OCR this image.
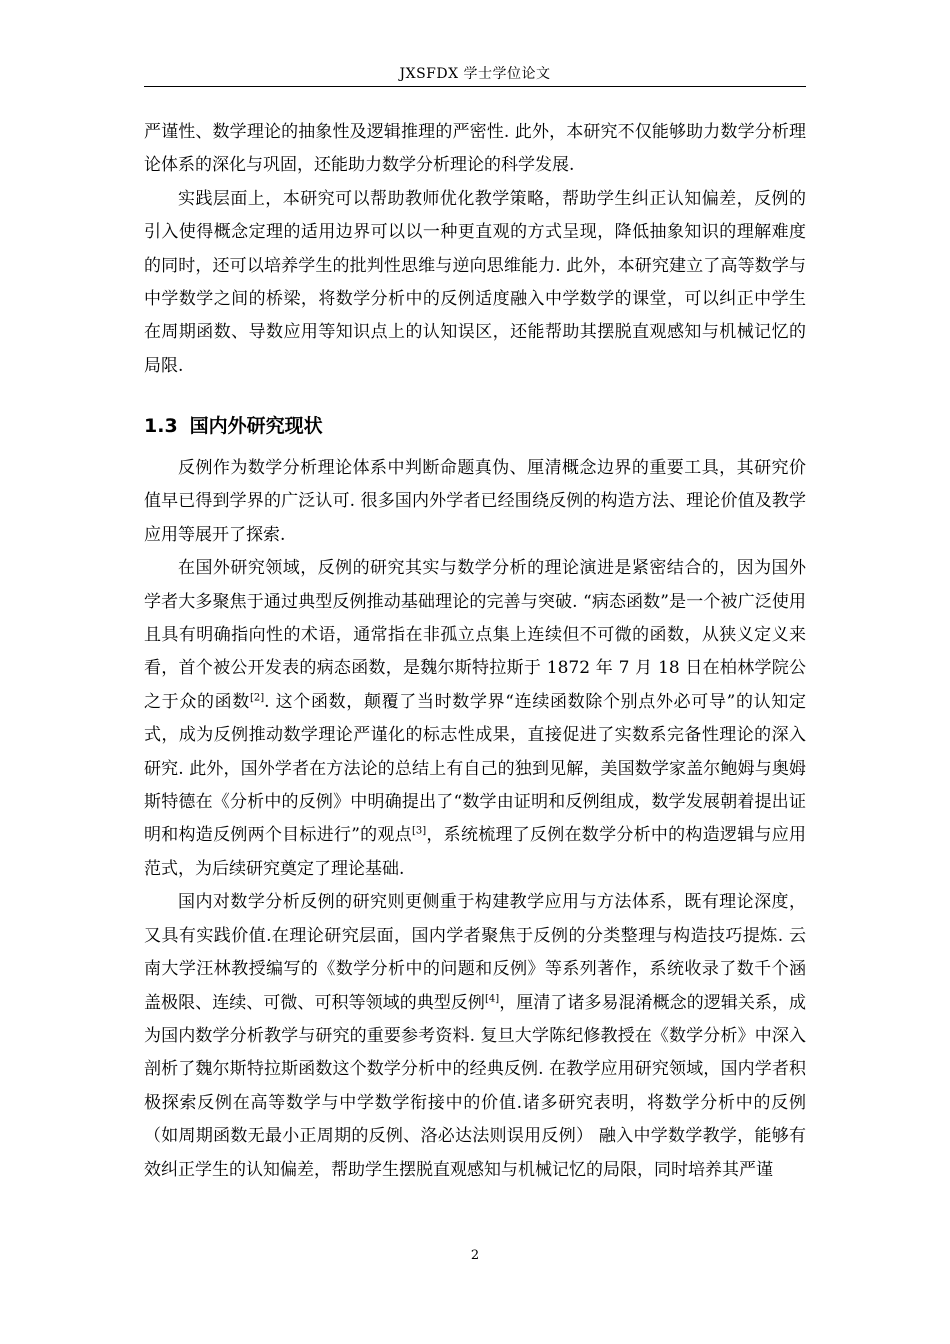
JXSFDX 学士学位论文

严谨性、数学理论的抽象性及逻辑推理的严密性. 此外，本研究不仅能够助力数学分析理论体系的深化与巩固，还能助力数学分析理论的科学发展.

实践层面上，本研究可以帮助教师优化教学策略，帮助学生纠正认知偏差，反例的引入使得概念定理的适用边界可以以一种更直观的方式呈现，降低抽象知识的理解难度的同时，还可以培养学生的批判性思维与逆向思维能力. 此外，本研究建立了高等数学与中学数学之间的桥梁，将数学分析中的反例适度融入中学数学的课堂，可以纠正中学生在周期函数、导数应用等知识点上的认知误区，还能帮助其摆脱直观感知与机械记忆的局限.

1.3 国内外研究现状

反例作为数学分析理论体系中判断命题真伪、厘清概念边界的重要工具，其研究价值早已得到学界的广泛认可. 很多国内外学者已经围绕反例的构造方法、理论价值及教学应用等展开了探索.

在国外研究领域，反例的研究其实与数学分析的理论演进是紧密结合的，因为国外学者大多聚焦于通过典型反例推动基础理论的完善与突破. “病态函数”是一个被广泛使用且具有明确指向性的术语，通常指在非孤立点集上连续但不可微的函数，从狭义定义来看，首个被公开发表的病态函数，是魏尔斯特拉斯于 1872 年 7 月 18 日在柏林学院公之于众的函数[2]. 这个函数，颠覆了当时数学界“连续函数除个别点外必可导”的认知定式，成为反例推动数学理论严谨化的标志性成果，直接促进了实数系完备性理论的深入研究. 此外，国外学者在方法论的总结上有自己的独到见解，美国数学家盖尔鲍姆与奥姆斯特德在《分析中的反例》中明确提出了“数学由证明和反例组成，数学发展朝着提出证明和构造反例两个目标进行”的观点[3]，系统梳理了反例在数学分析中的构造逻辑与应用范式，为后续研究奠定了理论基础.

国内对数学分析反例的研究则更侧重于构建教学应用与方法体系，既有理论深度，又具有实践价值.在理论研究层面，国内学者聚焦于反例的分类整理与构造技巧提炼. 云南大学汪林教授编写的《数学分析中的问题和反例》等系列著作，系统收录了数千个涵盖极限、连续、可微、可积等领域的典型反例[4]，厘清了诸多易混淆概念的逻辑关系，成为国内数学分析教学与研究的重要参考资料. 复旦大学陈纪修教授在《数学分析》中深入剖析了魏尔斯特拉斯函数这个数学分析中的经典反例. 在教学应用研究领域，国内学者积极探索反例在高等数学与中学数学衔接中的价值.诸多研究表明，将数学分析中的反例（如周期函数无最小正周期的反例、洛必达法则误用反例） 融入中学数学教学，能够有效纠正学生的认知偏差，帮助学生摆脱直观感知与机械记忆的局限，同时培养其严谨

2
